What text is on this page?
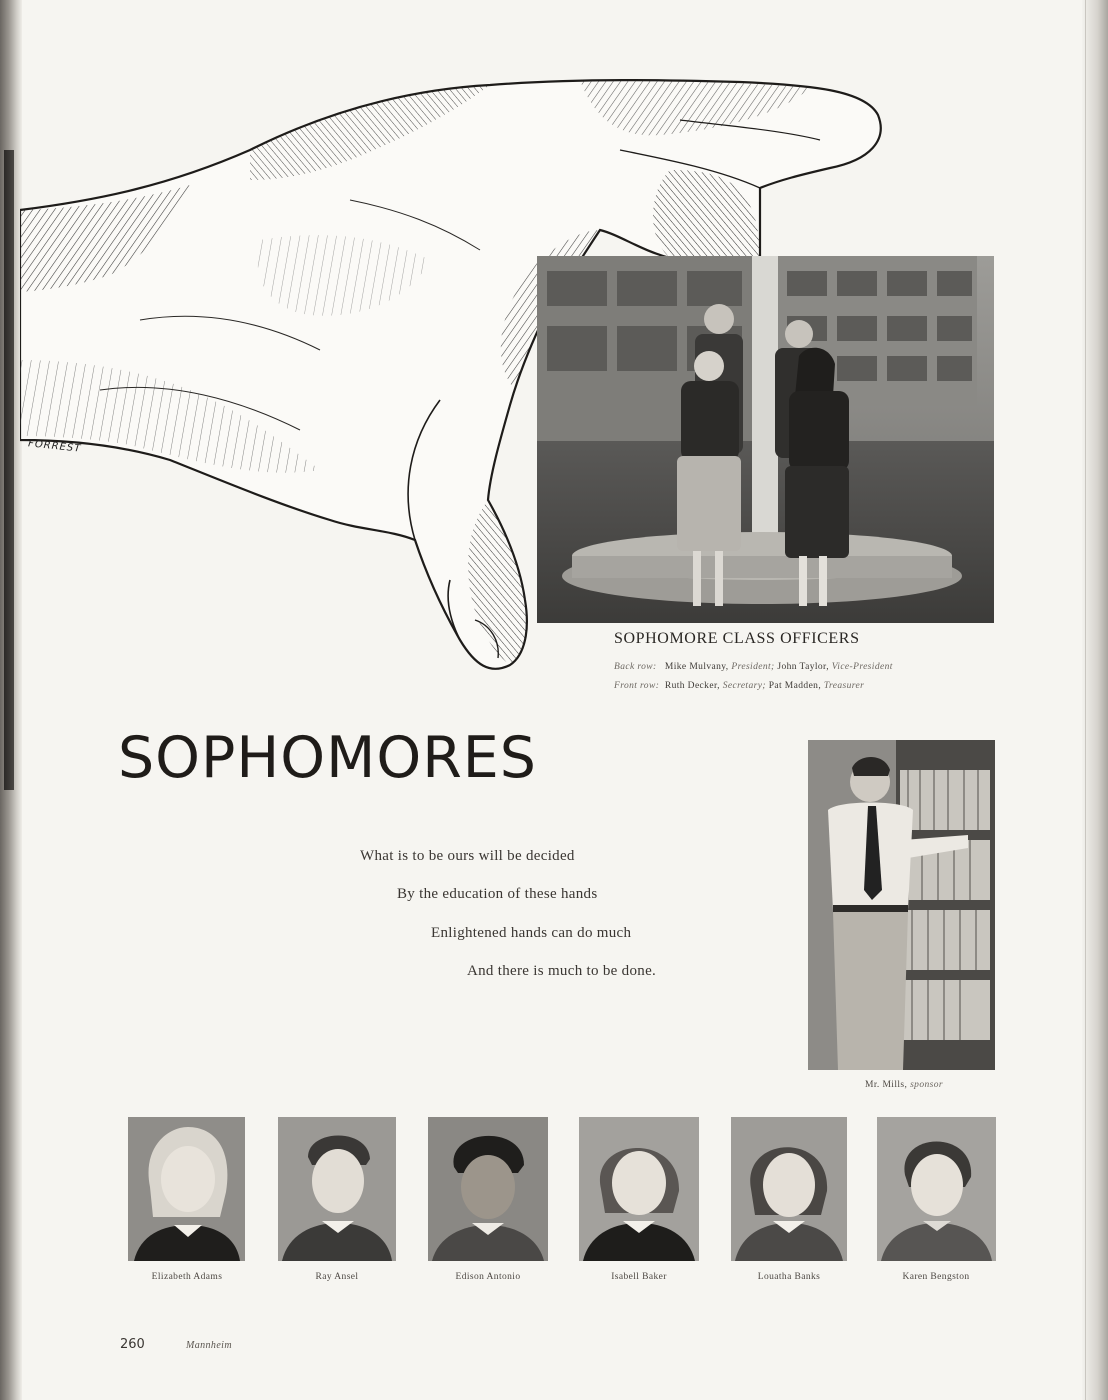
FORREST
SOPHOMORE CLASS OFFICERS
Back row: Mike Mulvany, President; John Taylor, Vice-President
Front row: Ruth Decker, Secretary; Pat Madden, Treasurer
SOPHOMORES
What is to be ours will be decided
By the education of these hands
Enlightened hands can do much
And there is much to be done.
Mr. Mills, sponsor
Elizabeth Adams	Ray Ansel	Edison Antonio	Isabell Baker	Louatha Banks	Karen Bengston
260	Mannheim
